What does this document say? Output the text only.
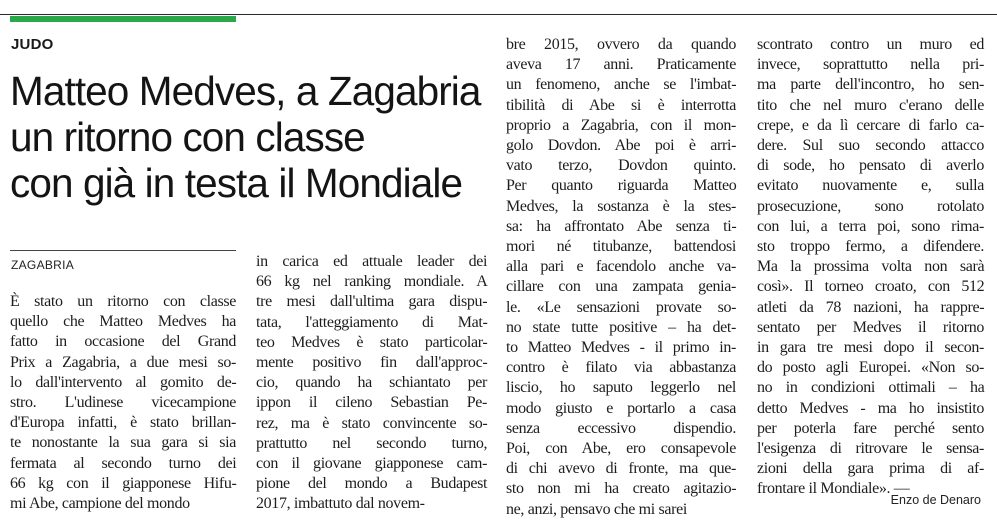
JUDO
Matteo Medves, a Zagabria
un ritorno con classe
con già in testa il Mondiale
ZAGABRIA
È stato un ritorno con classe
quello che Matteo Medves ha
fatto in occasione del Grand
Prix a Zagabria, a due mesi so-
lo dall'intervento al gomito de-
stro. L'udinese vicecampione
d'Europa infatti, è stato brillan-
te nonostante la sua gara si sia
fermata al secondo turno dei
66 kg con il giapponese Hifu-
mi Abe, campione del mondo
in carica ed attuale leader dei
66 kg nel ranking mondiale. A
tre mesi dall'ultima gara dispu-
tata, l'atteggiamento di Mat-
teo Medves è stato particolar-
mente positivo fin dall'approc-
cio, quando ha schiantato per
ippon il cileno Sebastian Pe-
rez, ma è stato convincente so-
prattutto nel secondo turno,
con il giovane giapponese cam-
pione del mondo a Budapest
2017, imbattuto dal novem-
bre 2015, ovvero da quando
aveva 17 anni. Praticamente
un fenomeno, anche se l'imbat-
tibilità di Abe si è interrotta
proprio a Zagabria, con il mon-
golo Dovdon. Abe poi è arri-
vato terzo, Dovdon quinto.
Per quanto riguarda Matteo
Medves, la sostanza è la stes-
sa: ha affrontato Abe senza ti-
mori né titubanze, battendosi
alla pari e facendolo anche va-
cillare con una zampata genia-
le. «Le sensazioni provate so-
no state tutte positive – ha det-
to Matteo Medves - il primo in-
contro è filato via abbastanza
liscio, ho saputo leggerlo nel
modo giusto e portarlo a casa
senza eccessivo dispendio.
Poi, con Abe, ero consapevole
di chi avevo di fronte, ma que-
sto non mi ha creato agitazio-
ne, anzi, pensavo che mi sarei
scontrato contro un muro ed
invece, soprattutto nella pri-
ma parte dell'incontro, ho sen-
tito che nel muro c'erano delle
crepe, e da lì cercare di farlo ca-
dere. Sul suo secondo attacco
di sode, ho pensato di averlo
evitato nuovamente e, sulla
prosecuzione, sono rotolato
con lui, a terra poi, sono rima-
sto troppo fermo, a difendere.
Ma la prossima volta non sarà
così». Il torneo croato, con 512
atleti da 78 nazioni, ha rappre-
sentato per Medves il ritorno
in gara tre mesi dopo il secon-
do posto agli Europei. «Non so-
no in condizioni ottimali – ha
detto Medves - ma ho insistito
per poterla fare perché sento
l'esigenza di ritrovare le sensa-
zioni della gara prima di af-
frontare il Mondiale». —
Enzo de Denaro
